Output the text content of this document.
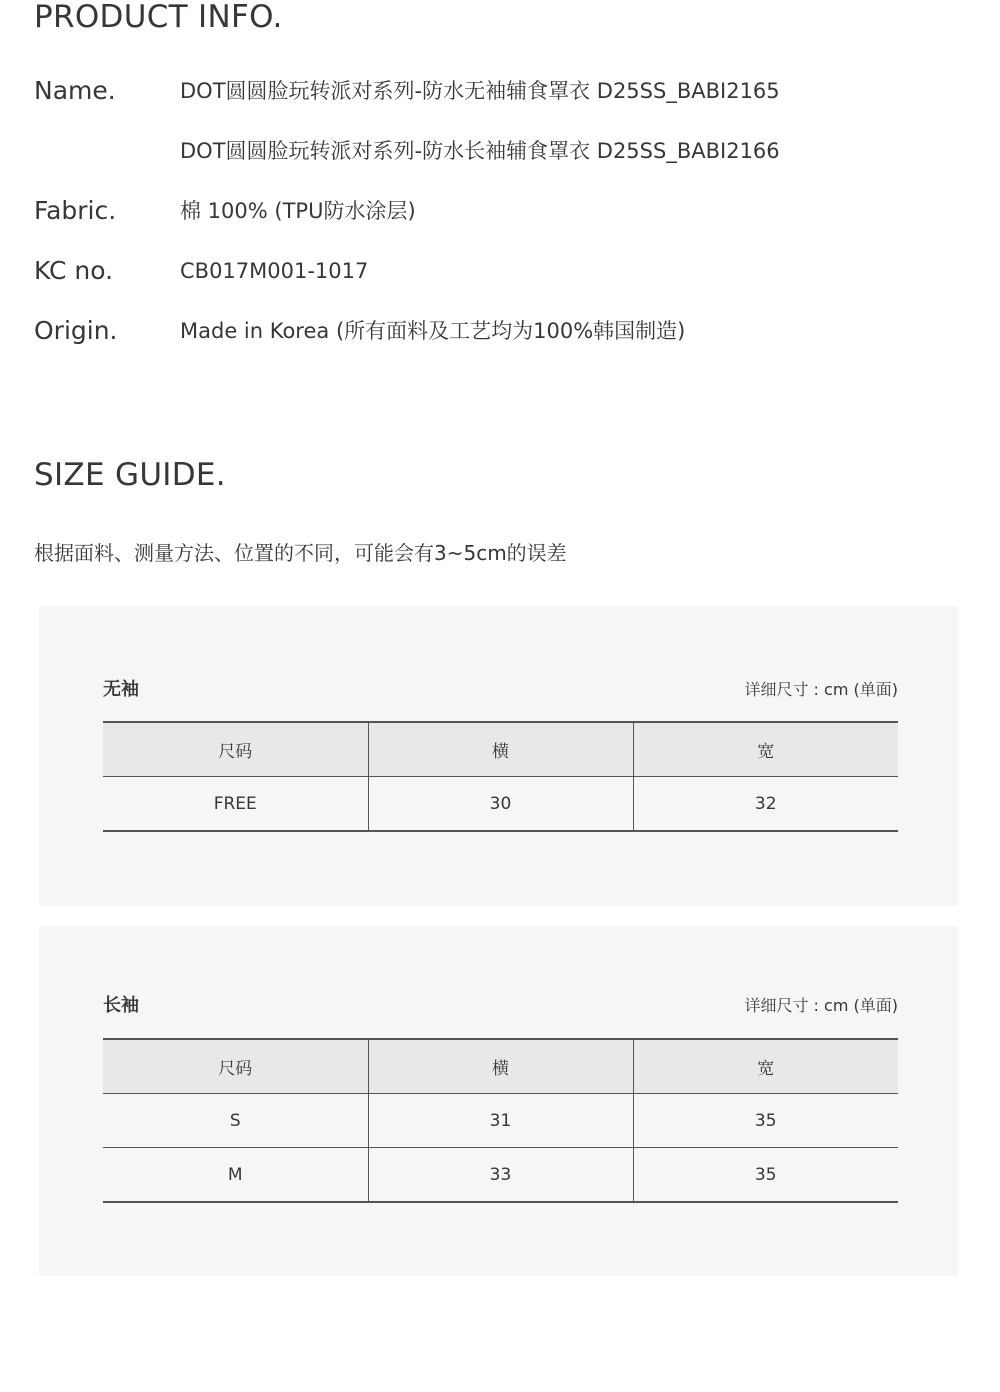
PRODUCT INFO.
Name.	DOT圆圆脸玩转派对系列-防水无袖辅食罩衣 D25SS_BABI2165
DOT圆圆脸玩转派对系列-防水长袖辅食罩衣 D25SS_BABI2166
Fabric.	棉 100% (TPU防水涂层)
KC no.	CB017M001-1017
Origin.	Made in Korea (所有面料及工艺均为100%韩国制造)
SIZE GUIDE.
根据面料、测量方法、位置的不同，可能会有3~5cm的误差
无袖	详细尺寸 : cm (单面)
尺码	横	宽
FREE	30	32
长袖	详细尺寸 : cm (单面)
尺码	横	宽
S	31	35
M	33	35
